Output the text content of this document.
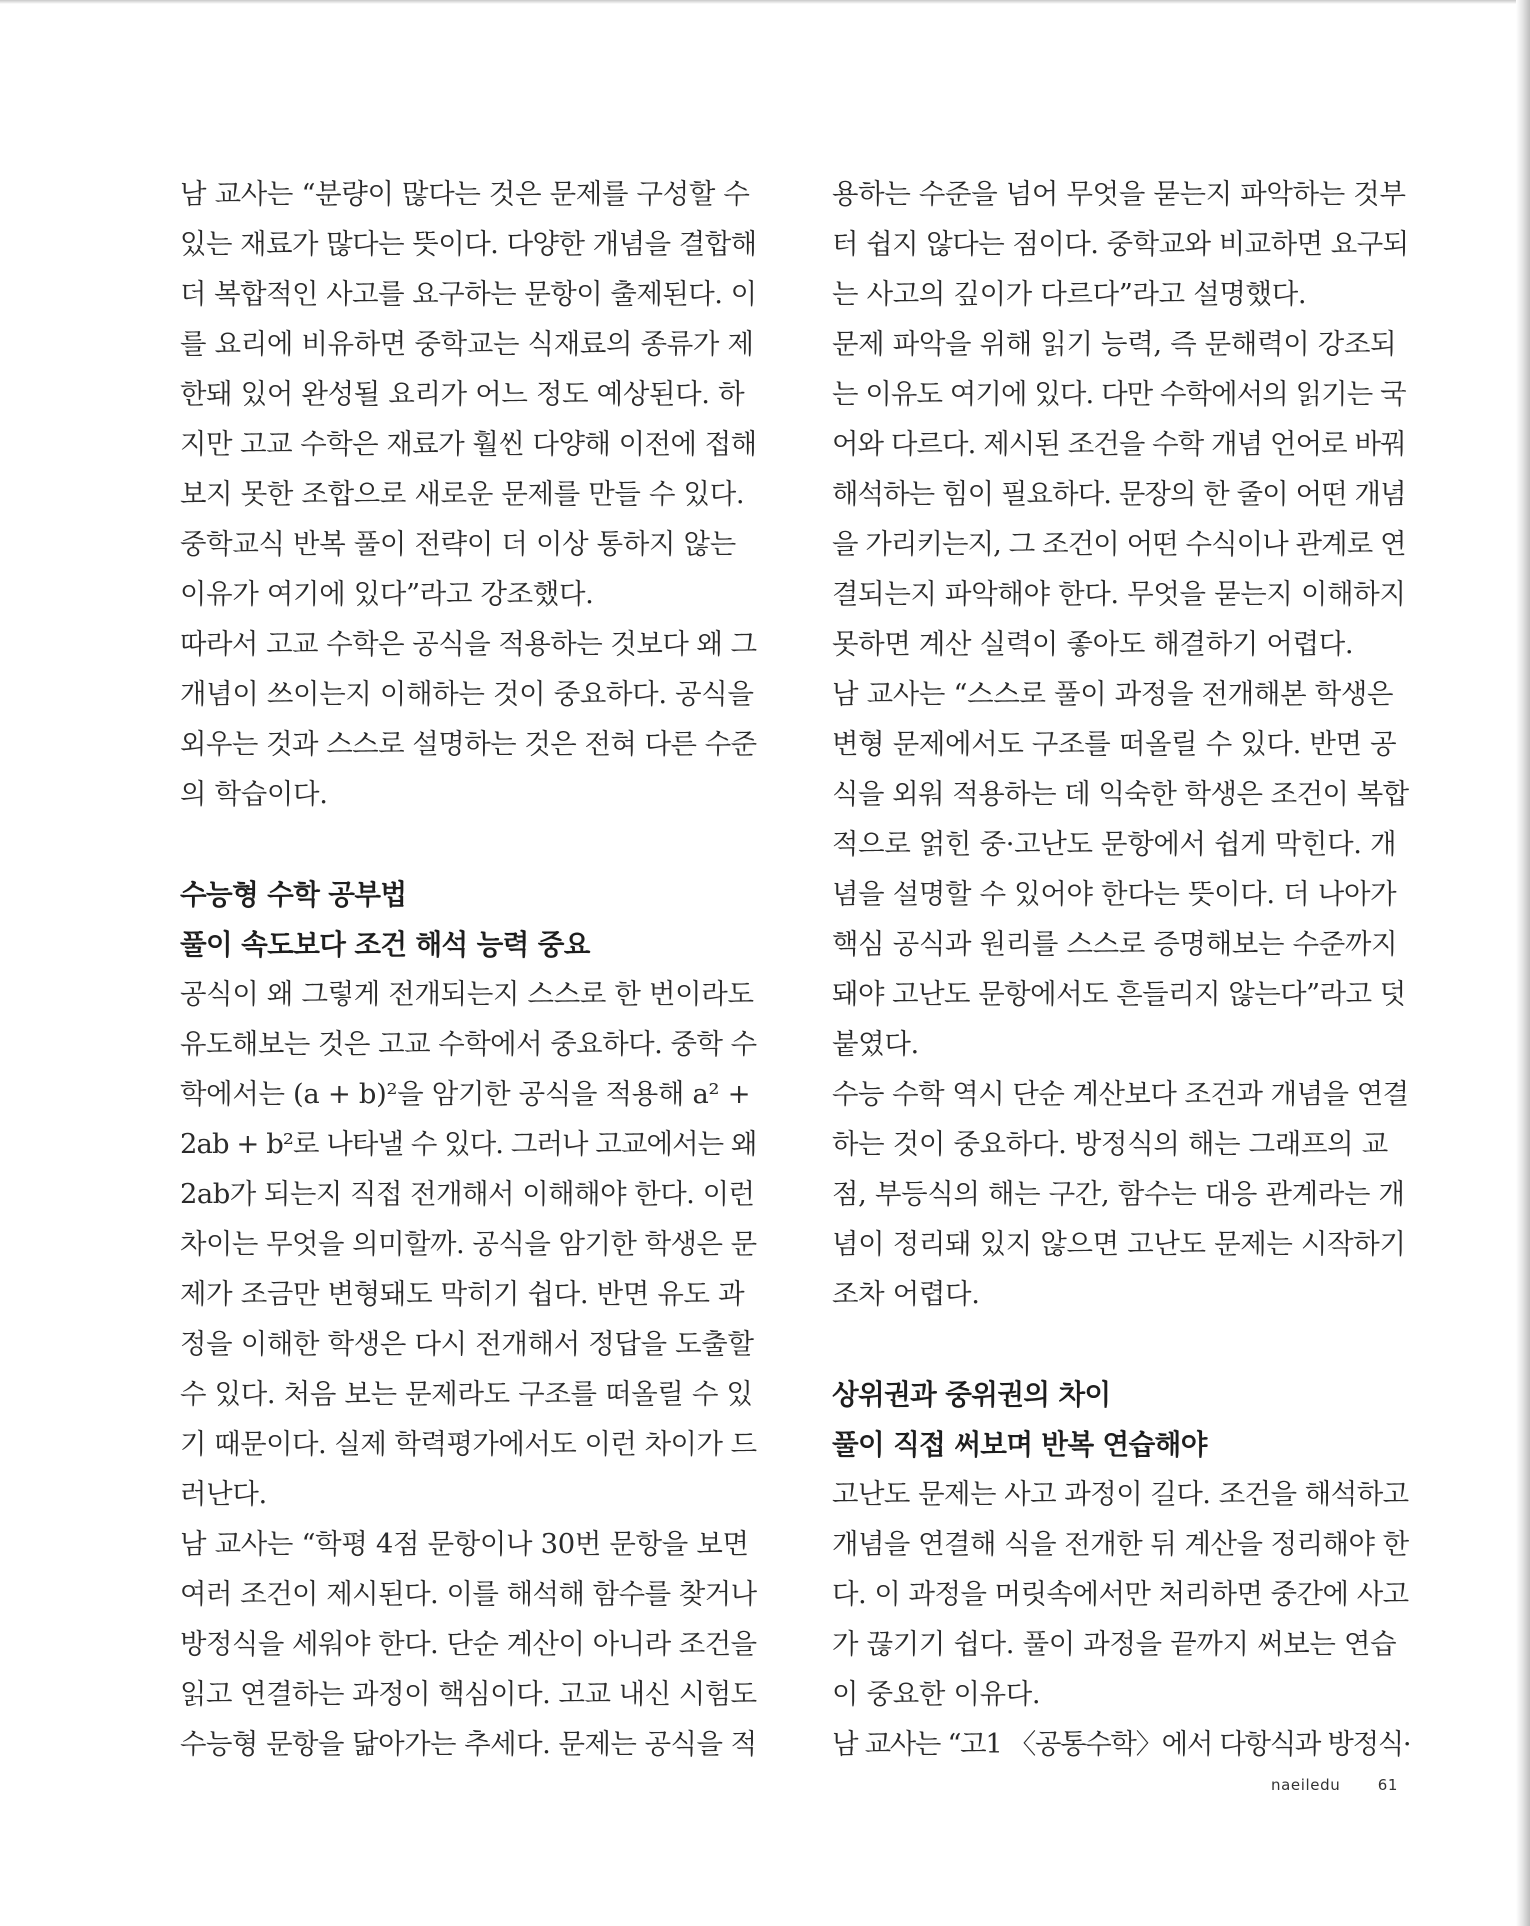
남 교사는 “분량이 많다는 것은 문제를 구성할 수
있는 재료가 많다는 뜻이다. 다양한 개념을 결합해
더 복합적인 사고를 요구하는 문항이 출제된다. 이
를 요리에 비유하면 중학교는 식재료의 종류가 제
한돼 있어 완성될 요리가 어느 정도 예상된다. 하
지만 고교 수학은 재료가 훨씬 다양해 이전에 접해
보지 못한 조합으로 새로운 문제를 만들 수 있다.
중학교식 반복 풀이 전략이 더 이상 통하지 않는
이유가 여기에 있다”라고 강조했다.

따라서 고교 수학은 공식을 적용하는 것보다 왜 그
개념이 쓰이는지 이해하는 것이 중요하다. 공식을
외우는 것과 스스로 설명하는 것은 전혀 다른 수준
의 학습이다.

수능형 수학 공부법
풀이 속도보다 조건 해석 능력 중요

공식이 왜 그렇게 전개되는지 스스로 한 번이라도
유도해보는 것은 고교 수학에서 중요하다. 중학 수
학에서는 (a + b)²을 암기한 공식을 적용해 a² +
2ab + b²로 나타낼 수 있다. 그러나 고교에서는 왜
2ab가 되는지 직접 전개해서 이해해야 한다. 이런
차이는 무엇을 의미할까. 공식을 암기한 학생은 문
제가 조금만 변형돼도 막히기 쉽다. 반면 유도 과
정을 이해한 학생은 다시 전개해서 정답을 도출할
수 있다. 처음 보는 문제라도 구조를 떠올릴 수 있
기 때문이다. 실제 학력평가에서도 이런 차이가 드
러난다.

남 교사는 “학평 4점 문항이나 30번 문항을 보면
여러 조건이 제시된다. 이를 해석해 함수를 찾거나
방정식을 세워야 한다. 단순 계산이 아니라 조건을
읽고 연결하는 과정이 핵심이다. 고교 내신 시험도
수능형 문항을 닮아가는 추세다. 문제는 공식을 적

용하는 수준을 넘어 무엇을 묻는지 파악하는 것부
터 쉽지 않다는 점이다. 중학교와 비교하면 요구되
는 사고의 깊이가 다르다”라고 설명했다.

문제 파악을 위해 읽기 능력, 즉 문해력이 강조되
는 이유도 여기에 있다. 다만 수학에서의 읽기는 국
어와 다르다. 제시된 조건을 수학 개념 언어로 바꿔
해석하는 힘이 필요하다. 문장의 한 줄이 어떤 개념
을 가리키는지, 그 조건이 어떤 수식이나 관계로 연
결되는지 파악해야 한다. 무엇을 묻는지 이해하지
못하면 계산 실력이 좋아도 해결하기 어렵다.

남 교사는 “스스로 풀이 과정을 전개해본 학생은
변형 문제에서도 구조를 떠올릴 수 있다. 반면 공
식을 외워 적용하는 데 익숙한 학생은 조건이 복합
적으로 얽힌 중·고난도 문항에서 쉽게 막힌다. 개
념을 설명할 수 있어야 한다는 뜻이다. 더 나아가
핵심 공식과 원리를 스스로 증명해보는 수준까지
돼야 고난도 문항에서도 흔들리지 않는다”라고 덧
붙였다.

수능 수학 역시 단순 계산보다 조건과 개념을 연결
하는 것이 중요하다. 방정식의 해는 그래프의 교
점, 부등식의 해는 구간, 함수는 대응 관계라는 개
념이 정리돼 있지 않으면 고난도 문제는 시작하기
조차 어렵다.

상위권과 중위권의 차이
풀이 직접 써보며 반복 연습해야

고난도 문제는 사고 과정이 길다. 조건을 해석하고
개념을 연결해 식을 전개한 뒤 계산을 정리해야 한
다. 이 과정을 머릿속에서만 처리하면 중간에 사고
가 끊기기 쉽다. 풀이 과정을 끝까지 써보는 연습
이 중요한 이유다.

남 교사는 “고1 〈공통수학〉에서 다항식과 방정식·

naeiledu 61
